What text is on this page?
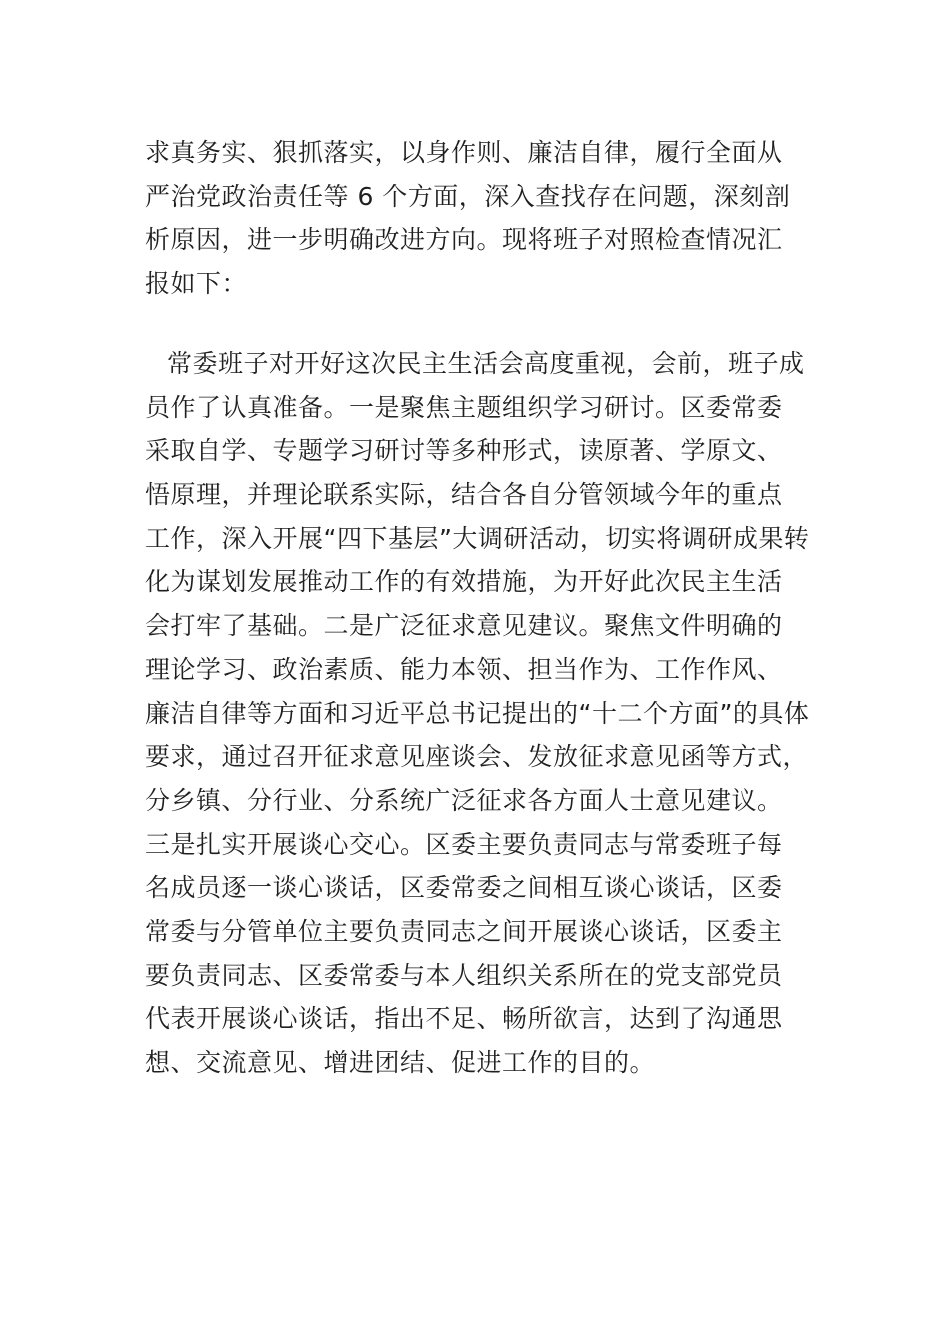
求真务实、狠抓落实，以身作则、廉洁自律，履行全面从
严治党政治责任等 6 个方面，深入查找存在问题，深刻剖
析原因，进一步明确改进方向。现将班子对照检查情况汇
报如下：
常委班子对开好这次民主生活会高度重视，会前，班子成
员作了认真准备。一是聚焦主题组织学习研讨。区委常委
采取自学、专题学习研讨等多种形式，读原著、学原文、
悟原理，并理论联系实际，结合各自分管领域今年的重点
工作，深入开展“四下基层”大调研活动，切实将调研成果转
化为谋划发展推动工作的有效措施，为开好此次民主生活
会打牢了基础。二是广泛征求意见建议。聚焦文件明确的
理论学习、政治素质、能力本领、担当作为、工作作风、
廉洁自律等方面和习近平总书记提出的“十二个方面”的具体
要求，通过召开征求意见座谈会、发放征求意见函等方式，
分乡镇、分行业、分系统广泛征求各方面人士意见建议。
三是扎实开展谈心交心。区委主要负责同志与常委班子每
名成员逐一谈心谈话，区委常委之间相互谈心谈话，区委
常委与分管单位主要负责同志之间开展谈心谈话，区委主
要负责同志、区委常委与本人组织关系所在的党支部党员
代表开展谈心谈话，指出不足、畅所欲言，达到了沟通思
想、交流意见、增进团结、促进工作的目的。
